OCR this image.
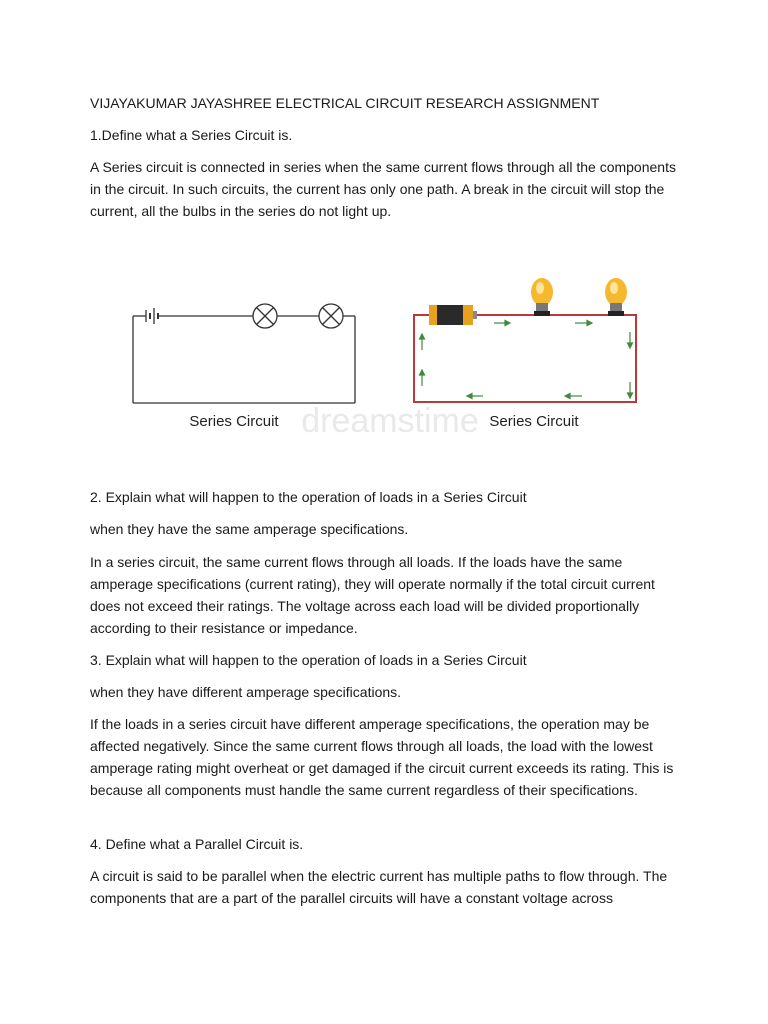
VIJAYAKUMAR JAYASHREE ELECTRICAL CIRCUIT RESEARCH ASSIGNMENT

1.Define what a Series Circuit is.

A Series circuit is connected in series when the same current flows through all the components in the circuit. In such circuits, the current has only one path. A break in the circuit will stop the current, all the bulbs in the series do not light up.

dreamstime
Series Circuit	Series Circuit

2. Explain what will happen to the operation of loads in a Series Circuit

when they have the same amperage specifications.

In a series circuit, the same current flows through all loads. If the loads have the same amperage specifications (current rating), they will operate normally if the total circuit current does not exceed their ratings. The voltage across each load will be divided proportionally according to their resistance or impedance.

3. Explain what will happen to the operation of loads in a Series Circuit

when they have different amperage specifications.

If the loads in a series circuit have different amperage specifications, the operation may be affected negatively. Since the same current flows through all loads, the load with the lowest amperage rating might overheat or get damaged if the circuit current exceeds its rating. This is because all components must handle the same current regardless of their specifications.

4. Define what a Parallel Circuit is.

A circuit is said to be parallel when the electric current has multiple paths to flow through. The components that are a part of the parallel circuits will have a constant voltage across
